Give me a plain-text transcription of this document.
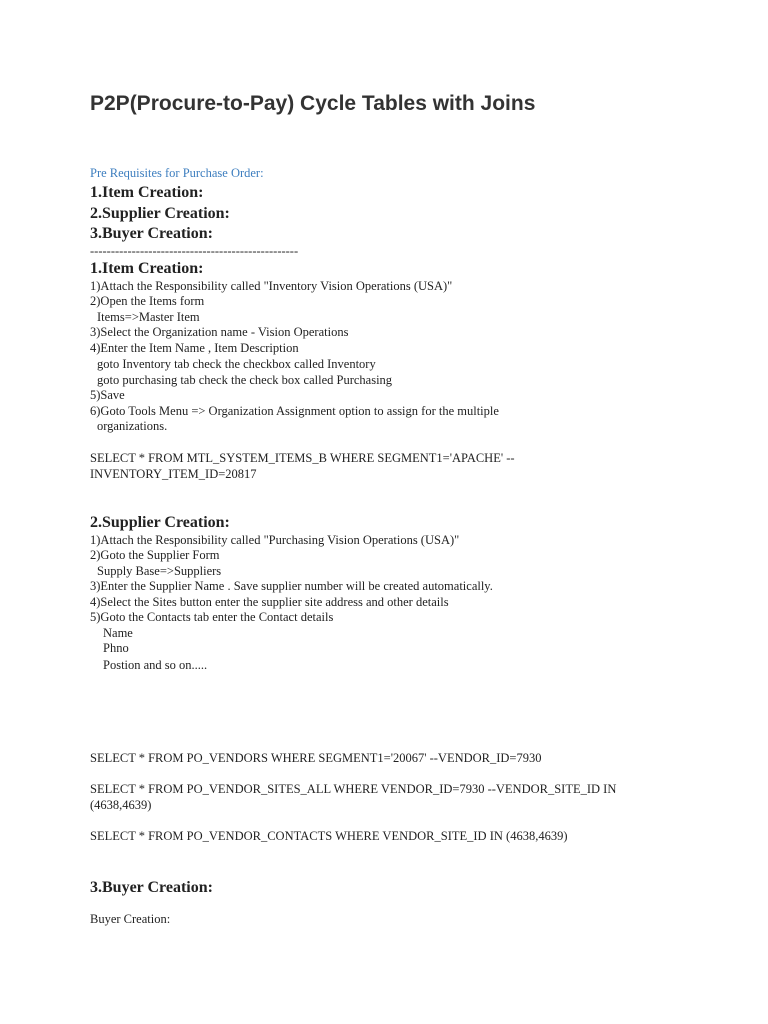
P2P(Procure-to-Pay) Cycle Tables with Joins
Pre Requisites for Purchase Order:
1.Item Creation:
2.Supplier Creation:
3.Buyer Creation:
--------------------------------------------------
1.Item Creation:
1)Attach the Responsibility called "Inventory Vision Operations (USA)"
2)Open the Items form
Items=>Master Item
3)Select the Organization name - Vision Operations
4)Enter the Item Name , Item Description
goto Inventory tab check the checkbox called Inventory
goto purchasing tab check the check box called Purchasing
5)Save
6)Goto Tools Menu => Organization Assignment option to assign for the multiple
organizations.
SELECT * FROM MTL_SYSTEM_ITEMS_B WHERE SEGMENT1='APACHE' --INVENTORY_ITEM_ID=20817
2.Supplier Creation:
1)Attach the Responsibility called "Purchasing Vision Operations (USA)"
2)Goto the Supplier Form
Supply Base=>Suppliers
3)Enter the Supplier Name . Save supplier number will be created automatically.
4)Select the Sites button enter the supplier site address and other details
5)Goto the Contacts tab enter the Contact details
Name
Phno
Postion and so on.....
SELECT * FROM PO_VENDORS WHERE SEGMENT1='20067' --VENDOR_ID=7930
SELECT * FROM PO_VENDOR_SITES_ALL WHERE VENDOR_ID=7930 --VENDOR_SITE_ID IN (4638,4639)
SELECT * FROM PO_VENDOR_CONTACTS WHERE VENDOR_SITE_ID IN (4638,4639)
3.Buyer Creation:
Buyer Creation:
